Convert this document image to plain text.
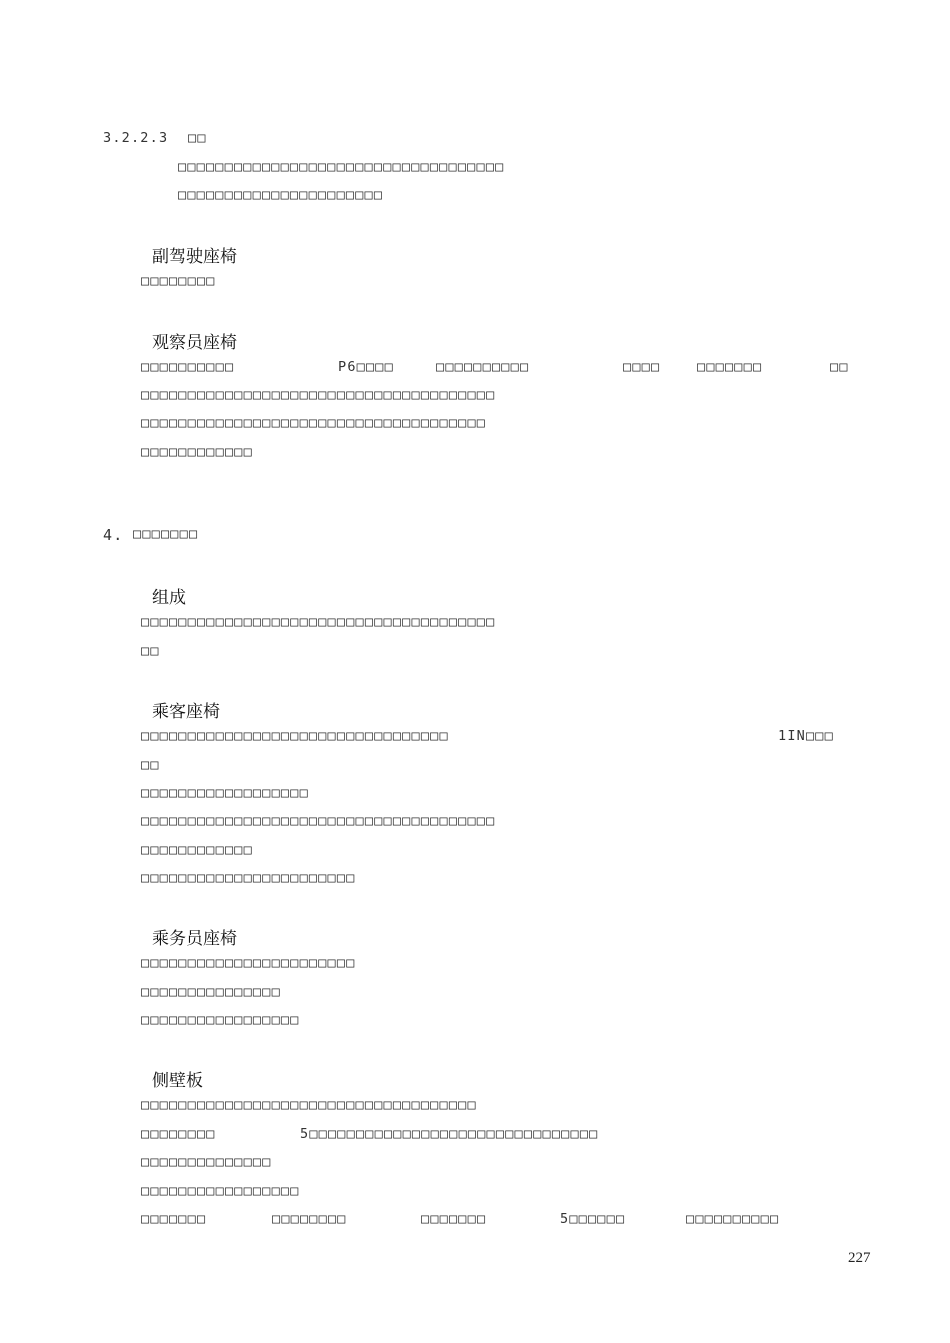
3.2.2.3 □□
□□□□□□□□□□□□□□□□□□□□□□□□□□□□□□□□□□□
□□□□□□□□□□□□□□□□□□□□□□
副驾驶座椅
□□□□□□□□
观察员座椅
□□□□□□□□□□	P6□□□□	□□□□□□□□□□	□□□□	□□□□□□□	□□
□□□□□□□□□□□□□□□□□□□□□□□□□□□□□□□□□□□□□□
□□□□□□□□□□□□□□□□□□□□□□□□□□□□□□□□□□□□□
□□□□□□□□□□□□
4. □□□□□□□
组成
□□□□□□□□□□□□□□□□□□□□□□□□□□□□□□□□□□□□□□
□□
乘客座椅
□□□□□□□□□□□□□□□□□□□□□□□□□□□□□□□□□	1IN□□□
□□
□□□□□□□□□□□□□□□□□□
□□□□□□□□□□□□□□□□□□□□□□□□□□□□□□□□□□□□□□
□□□□□□□□□□□□
□□□□□□□□□□□□□□□□□□□□□□□
乘务员座椅
□□□□□□□□□□□□□□□□□□□□□□□
□□□□□□□□□□□□□□□
□□□□□□□□□□□□□□□□□
侧壁板
□□□□□□□□□□□□□□□□□□□□□□□□□□□□□□□□□□□□
□□□□□□□□	5□□□□□□□□□□□□□□□□□□□□□□□□□□□□□□□
□□□□□□□□□□□□□□
□□□□□□□□□□□□□□□□□
□□□□□□□	□□□□□□□□	□□□□□□□	5□□□□□□	□□□□□□□□□□
227
